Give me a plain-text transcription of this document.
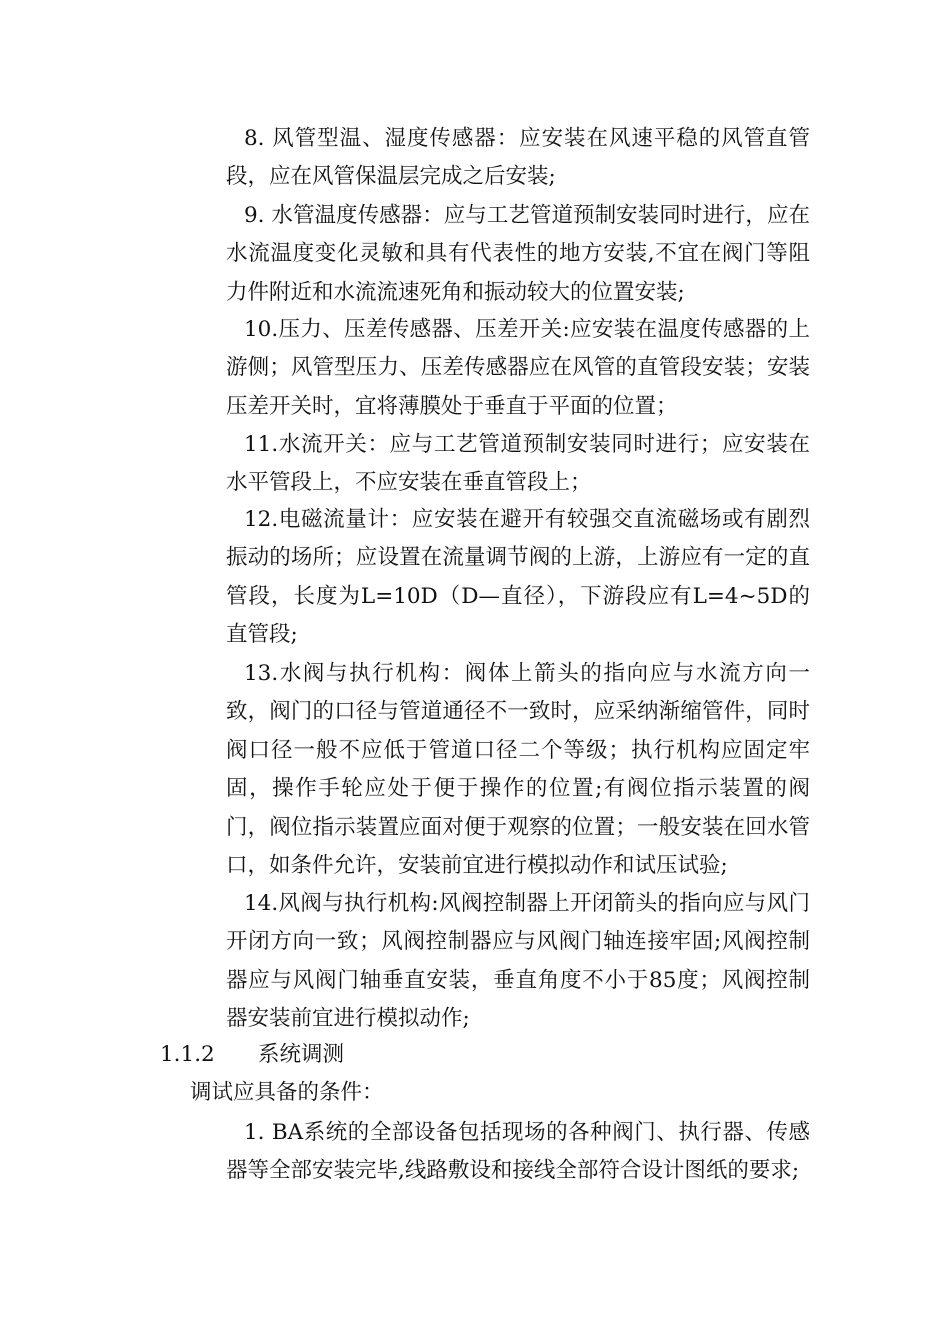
8. 风管型温、湿度传感器：应安装在风速平稳的风管直管段，应在风管保温层完成之后安装;

9. 水管温度传感器：应与工艺管道预制安装同时进行，应在水流温度变化灵敏和具有代表性的地方安装,不宜在阀门等阻力件附近和水流流速死角和振动较大的位置安装;

10.压力、压差传感器、压差开关:应安装在温度传感器的上游侧；风管型压力、压差传感器应在风管的直管段安装；安装压差开关时，宜将薄膜处于垂直于平面的位置；

11.水流开关：应与工艺管道预制安装同时进行；应安装在水平管段上，不应安装在垂直管段上；

12.电磁流量计：应安装在避开有较强交直流磁场或有剧烈振动的场所；应设置在流量调节阀的上游，上游应有一定的直管段，长度为L=10D（D—直径），下游段应有L=4~5D的直管段;

13.水阀与执行机构：阀体上箭头的指向应与水流方向一致，阀门的口径与管道通径不一致时，应采纳渐缩管件，同时阀口径一般不应低于管道口径二个等级；执行机构应固定牢固，操作手轮应处于便于操作的位置;有阀位指示装置的阀门，阀位指示装置应面对便于观察的位置；一般安装在回水管口，如条件允许，安装前宜进行模拟动作和试压试验;

14.风阀与执行机构:风阀控制器上开闭箭头的指向应与风门开闭方向一致；风阀控制器应与风阀门轴连接牢固;风阀控制器应与风阀门轴垂直安装，垂直角度不小于85度；风阀控制器安装前宜进行模拟动作;

1.1.2 系统调测

调试应具备的条件：

1. BA系统的全部设备包括现场的各种阀门、执行器、传感器等全部安装完毕,线路敷设和接线全部符合设计图纸的要求;
